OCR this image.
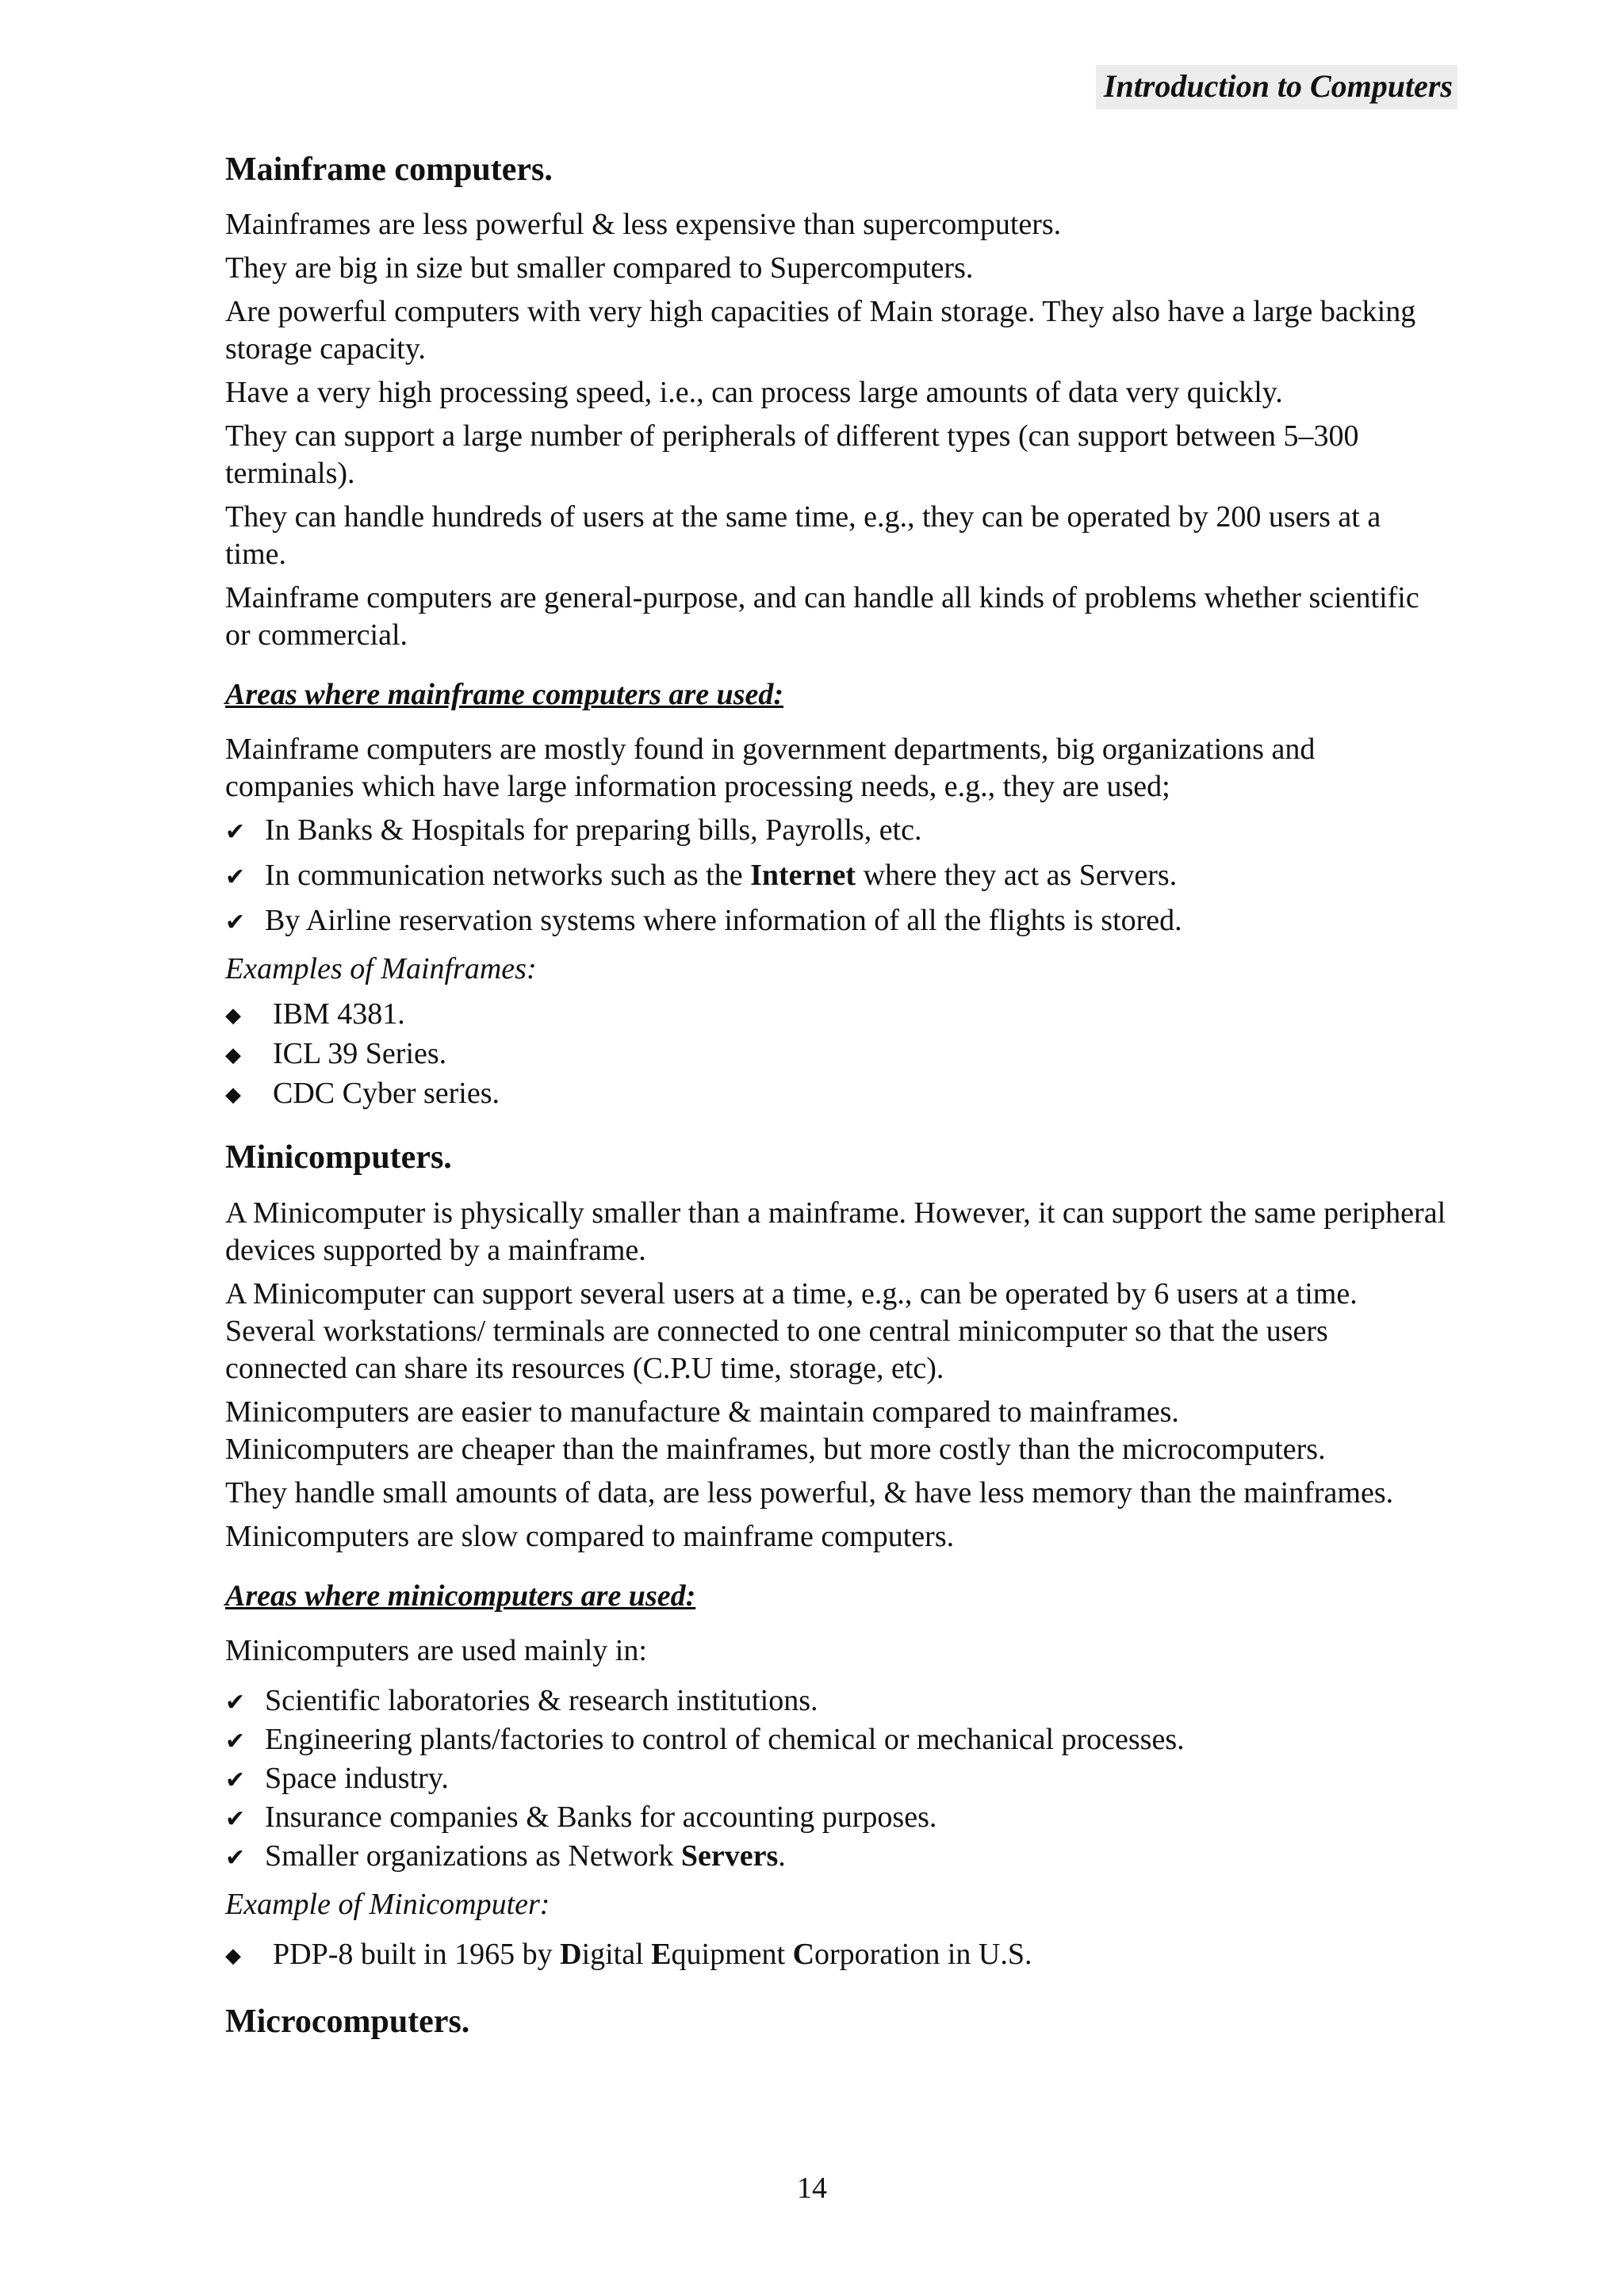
Introduction to Computers
Mainframe computers.

Mainframes are less powerful & less expensive than supercomputers.

They are big in size but smaller compared to Supercomputers.

Are powerful computers with very high capacities of Main storage. They also have a large backing storage capacity.

Have a very high processing speed, i.e., can process large amounts of data very quickly.

They can support a large number of peripherals of different types (can support between 5–300 terminals).

They can handle hundreds of users at the same time, e.g., they can be operated by 200 users at a time.

Mainframe computers are general-purpose, and can handle all kinds of problems whether scientific or commercial.

Areas where mainframe computers are used:

Mainframe computers are mostly found in government departments, big organizations and companies which have large information processing needs, e.g., they are used;

✔ In Banks & Hospitals for preparing bills, Payrolls, etc.
✔ In communication networks such as the Internet where they act as Servers.
✔ By Airline reservation systems where information of all the flights is stored.
Examples of Mainframes:
◆	IBM 4381.
◆	ICL 39 Series.
◆	CDC Cyber series.
Minicomputers.

A Minicomputer is physically smaller than a mainframe. However, it can support the same peripheral devices supported by a mainframe.

A Minicomputer can support several users at a time, e.g., can be operated by 6 users at a time. Several workstations/ terminals are connected to one central minicomputer so that the users connected can share its resources (C.P.U time, storage, etc).

Minicomputers are easier to manufacture & maintain compared to mainframes.

Minicomputers are cheaper than the mainframes, but more costly than the microcomputers.

They handle small amounts of data, are less powerful, & have less memory than the mainframes.

Minicomputers are slow compared to mainframe computers.

Areas where minicomputers are used:

Minicomputers are used mainly in:

✔ Scientific laboratories & research institutions.
✔ Engineering plants/factories to control of chemical or mechanical processes.
✔ Space industry.
✔ Insurance companies & Banks for accounting purposes.
✔ Smaller organizations as Network Servers.
Example of Minicomputer:
◆	PDP-8 built in 1965 by Digital Equipment Corporation in U.S.
Microcomputers.
14
